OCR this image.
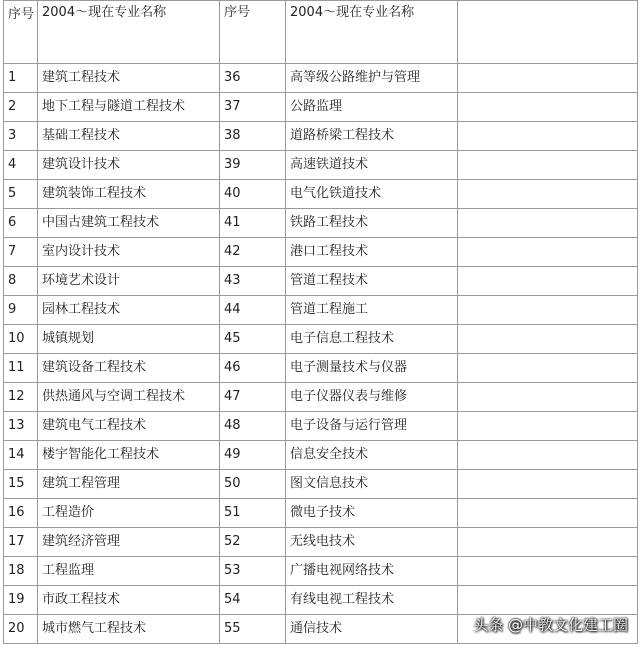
序号	2004～现在专业名称	序号	2004～现在专业名称	
1	建筑工程技术	36	高等级公路维护与管理	
2	地下工程与隧道工程技术	37	公路监理	
3	基础工程技术	38	道路桥梁工程技术	
4	建筑设计技术	39	高速铁道技术	
5	建筑装饰工程技术	40	电气化铁道技术	
6	中国古建筑工程技术	41	铁路工程技术	
7	室内设计技术	42	港口工程技术	
8	环境艺术设计	43	管道工程技术	
9	园林工程技术	44	管道工程施工	
10	城镇规划	45	电子信息工程技术	
11	建筑设备工程技术	46	电子测量技术与仪器	
12	供热通风与空调工程技术	47	电子仪器仪表与维修	
13	建筑电气工程技术	48	电子设备与运行管理	
14	楼宇智能化工程技术	49	信息安全技术	
15	建筑工程管理	50	图文信息技术	
16	工程造价	51	微电子技术	
17	建筑经济管理	52	无线电技术	
18	工程监理	53	广播电视网络技术	
19	市政工程技术	54	有线电视工程技术	
20	城市燃气工程技术	55	通信技术		头条 @中教文化建工圈
